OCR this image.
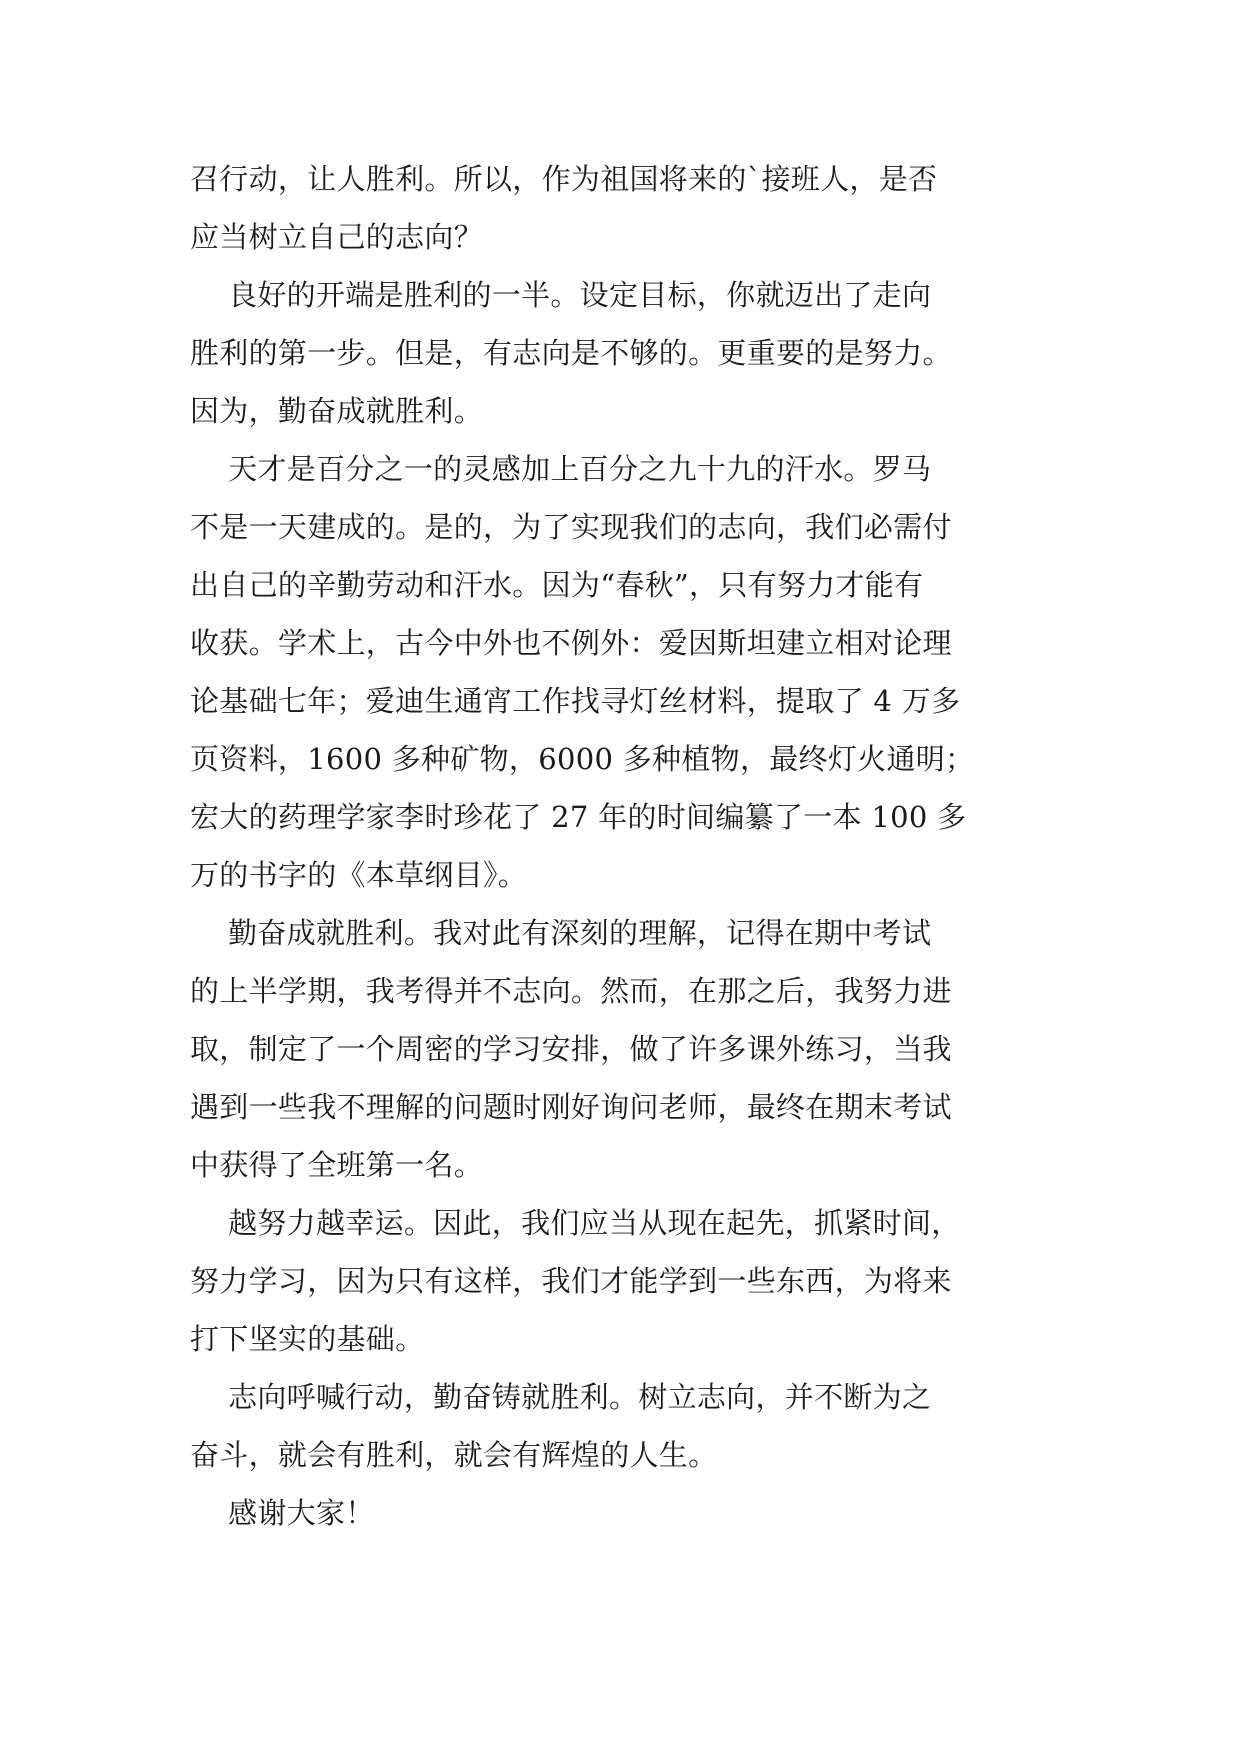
召行动，让人胜利。所以，作为祖国将来的`接班人，是否
应当树立自己的志向？
良好的开端是胜利的一半。设定目标，你就迈出了走向
胜利的第一步。但是，有志向是不够的。更重要的是努力。
因为，勤奋成就胜利。
天才是百分之一的灵感加上百分之九十九的汗水。罗马
不是一天建成的。是的，为了实现我们的志向，我们必需付
出自己的辛勤劳动和汗水。因为“春秋”，只有努力才能有
收获。学术上，古今中外也不例外：爱因斯坦建立相对论理
论基础七年；爱迪生通宵工作找寻灯丝材料，提取了 4 万多
页资料，1600 多种矿物，6000 多种植物，最终灯火通明；
宏大的药理学家李时珍花了 27 年的时间编纂了一本 100 多
万的书字的《本草纲目》。
勤奋成就胜利。我对此有深刻的理解，记得在期中考试
的上半学期，我考得并不志向。然而，在那之后，我努力进
取，制定了一个周密的学习安排，做了许多课外练习，当我
遇到一些我不理解的问题时刚好询问老师，最终在期末考试
中获得了全班第一名。
越努力越幸运。因此，我们应当从现在起先，抓紧时间，
努力学习，因为只有这样，我们才能学到一些东西，为将来
打下坚实的基础。
志向呼喊行动，勤奋铸就胜利。树立志向，并不断为之
奋斗，就会有胜利，就会有辉煌的人生。
感谢大家！
